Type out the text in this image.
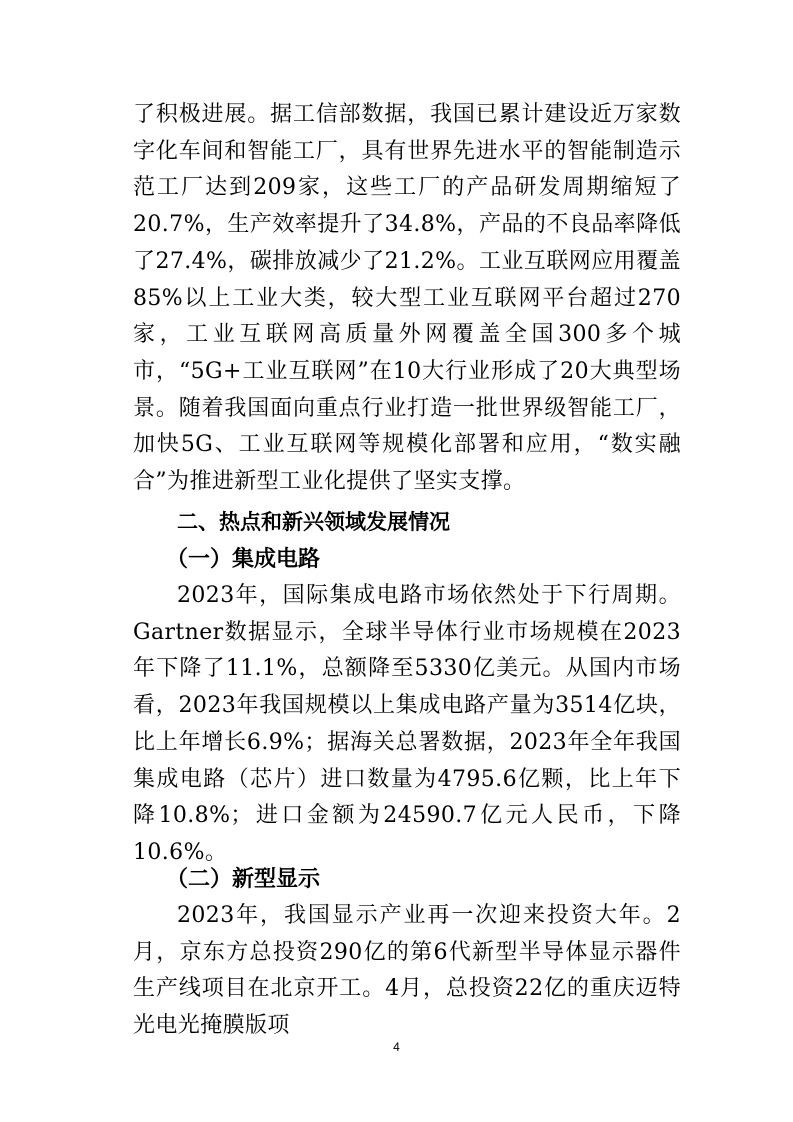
了积极进展。据工信部数据，我国已累计建设近万家数字化车间和智能工厂，具有世界先进水平的智能制造示范工厂达到209家，这些工厂的产品研发周期缩短了20.7%，生产效率提升了34.8%，产品的不良品率降低了27.4%，碳排放减少了21.2%。工业互联网应用覆盖85%以上工业大类，较大型工业互联网平台超过270家，工业互联网高质量外网覆盖全国300多个城市，“5G+工业互联网”在10大行业形成了20大典型场景。随着我国面向重点行业打造一批世界级智能工厂，加快5G、工业互联网等规模化部署和应用，“数实融合”为推进新型工业化提供了坚实支撑。

二、热点和新兴领域发展情况
（一）集成电路

2023年，国际集成电路市场依然处于下行周期。Gartner数据显示，全球半导体行业市场规模在2023年下降了11.1%，总额降至5330亿美元。从国内市场看，2023年我国规模以上集成电路产量为3514亿块，比上年增长6.9%；据海关总署数据，2023年全年我国集成电路（芯片）进口数量为4795.6亿颗，比上年下降10.8%；进口金额为24590.7亿元人民币，下降10.6%。

（二）新型显示

2023年，我国显示产业再一次迎来投资大年。2月，京东方总投资290亿的第6代新型半导体显示器件生产线项目在北京开工。4月，总投资22亿的重庆迈特光电光掩膜版项

4
